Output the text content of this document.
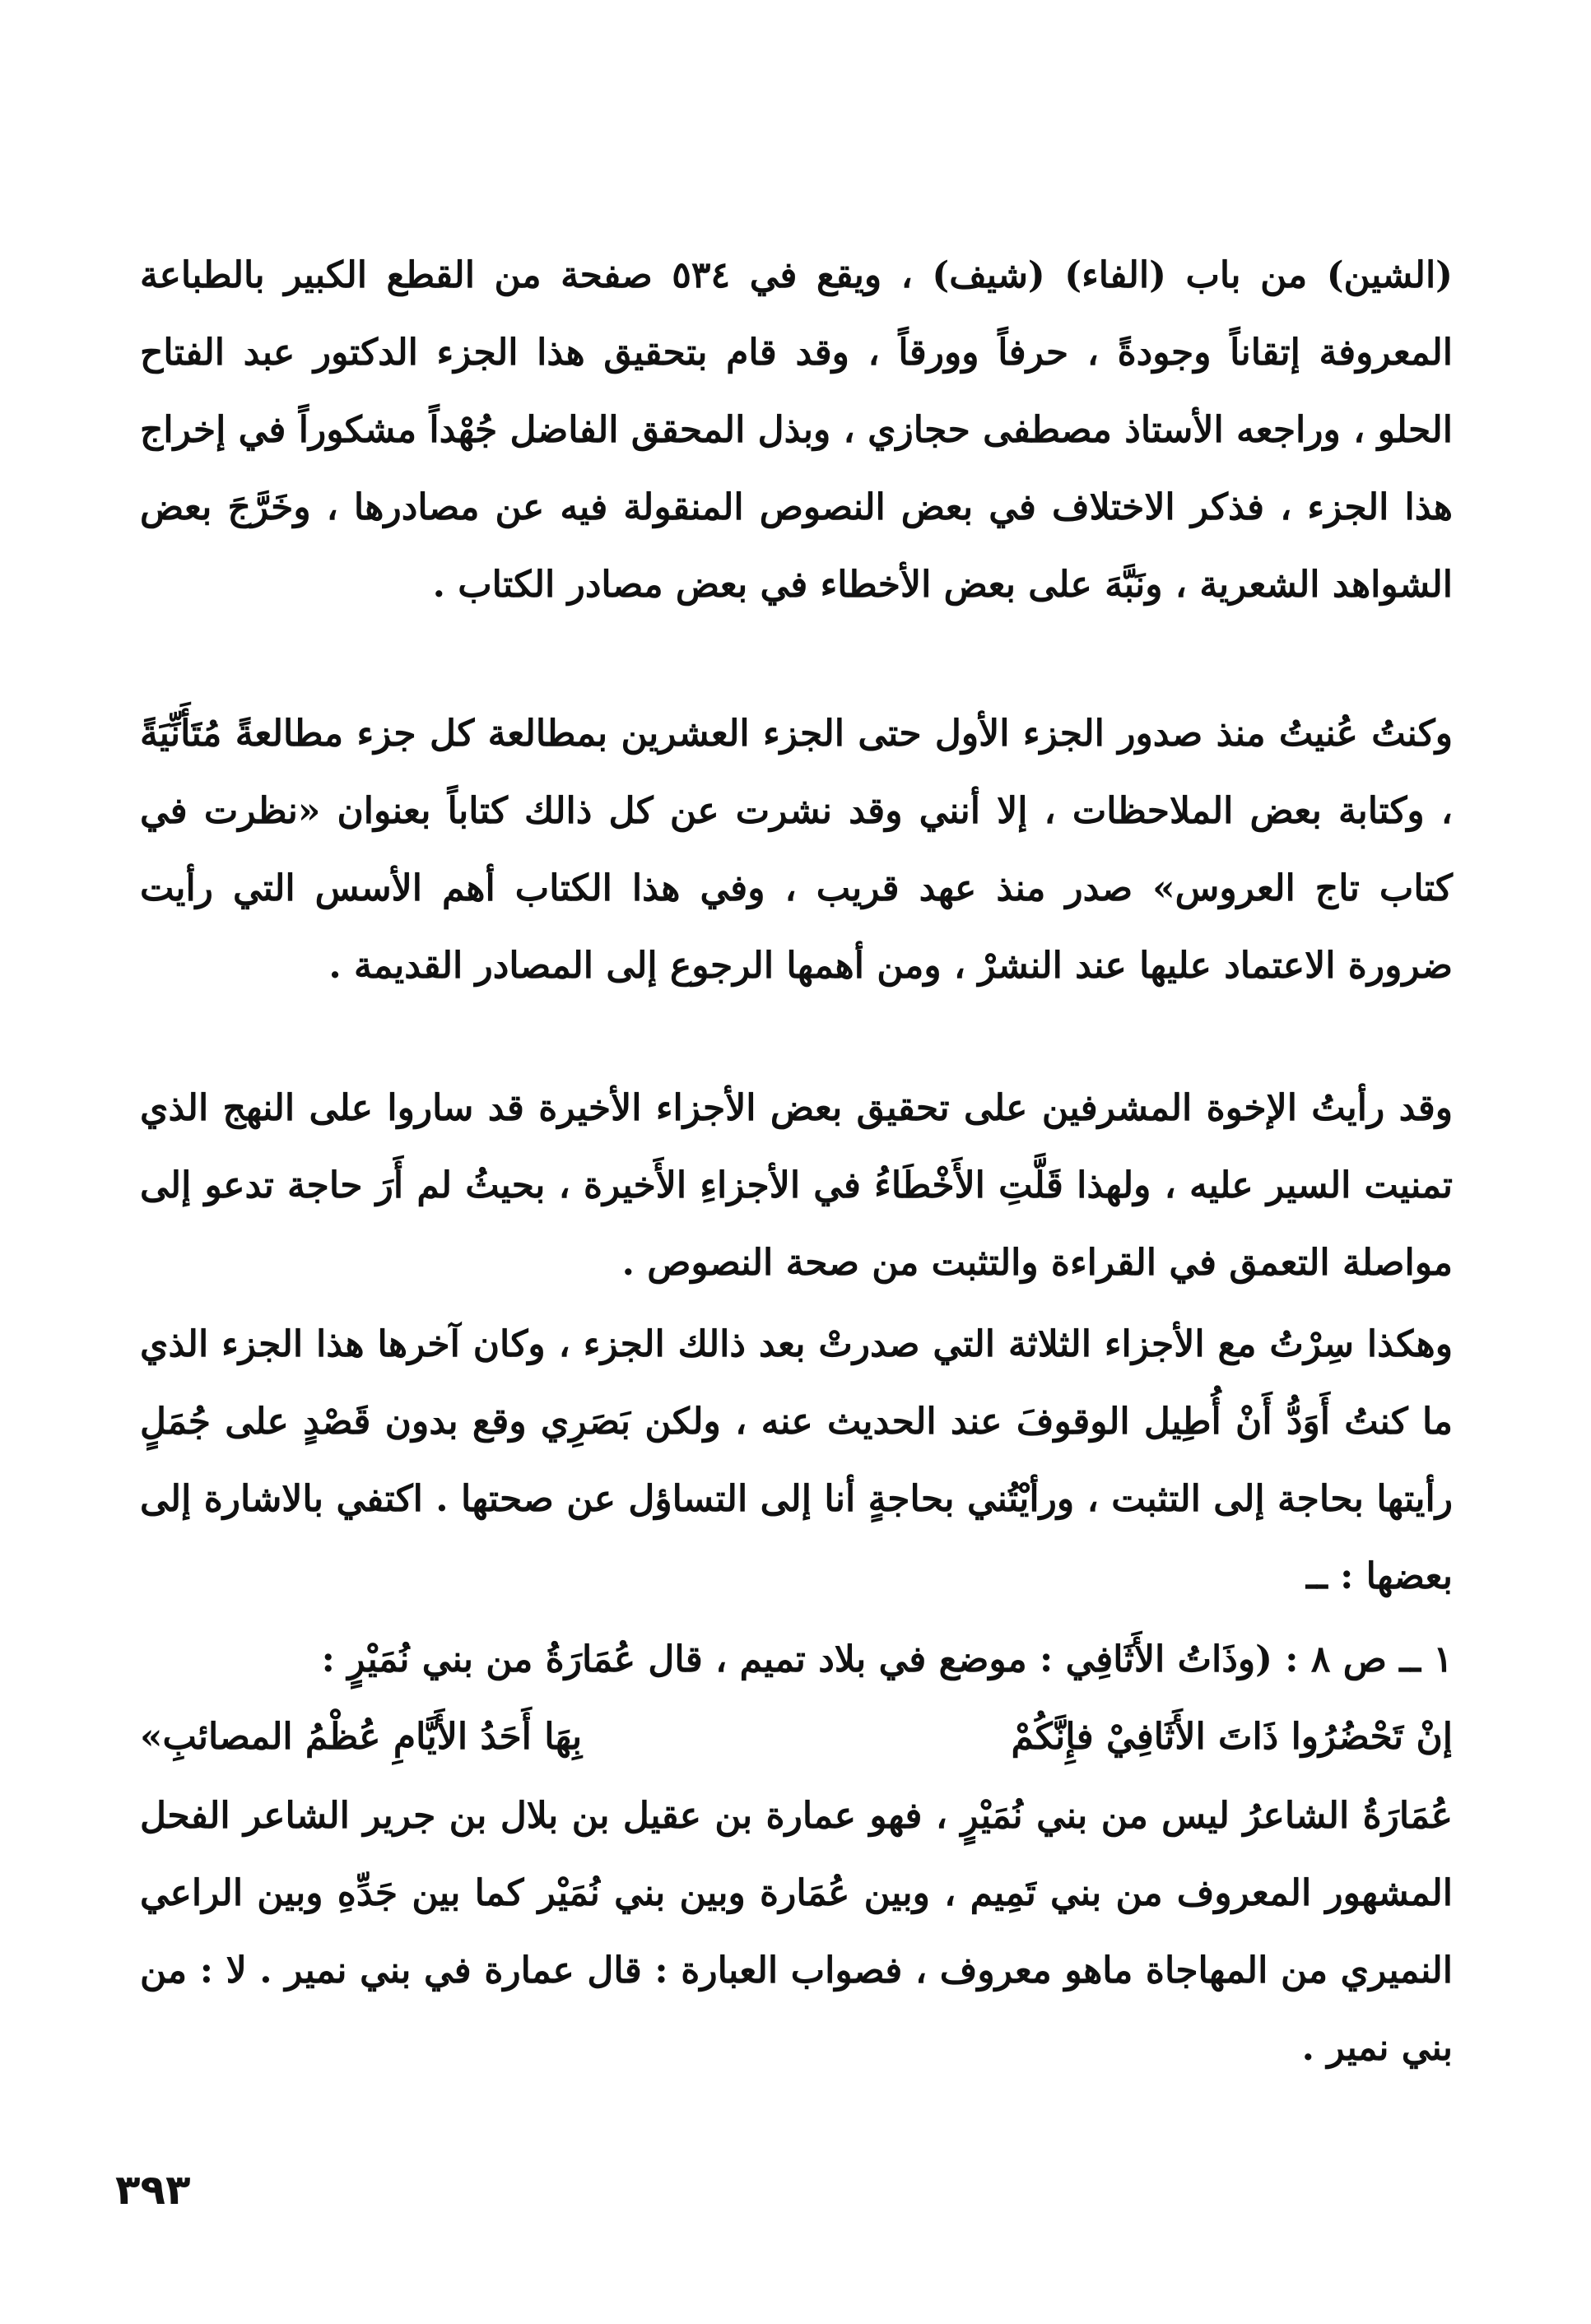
(الشين) من باب (الفاء) (شيف) ، ويقع في ٥٣٤ صفحة من القطع الكبير بالطباعة المعروفة إتقاناً وجودةً ، حرفاً وورقاً ، وقد قام بتحقيق هذا الجزء الدكتور عبد الفتاح الحلو ، وراجعه الأستاذ مصطفى حجازي ، وبذل المحقق الفاضل جُهْداً مشكوراً في إخراج هذا الجزء ، فذكر الاختلاف في بعض النصوص المنقولة فيه عن مصادرها ، وخَرَّجَ بعض الشواهد الشعرية ، ونَبَّهَ على بعض الأخطاء في بعض مصادر الكتاب .

وكنتُ عُنيتُ منذ صدور الجزء الأول حتى الجزء العشرين بمطالعة كل جزء مطالعةً مُتَأَنِّيَةً ، وكتابة بعض الملاحظات ، إلا أنني وقد نشرت عن كل ذالك كتاباً بعنوان «نظرت في كتاب تاج العروس» صدر منذ عهد قريب ، وفي هذا الكتاب أهم الأسس التي رأيت ضرورة الاعتماد عليها عند النشرْ ، ومن أهمها الرجوع إلى المصادر القديمة .

وقد رأيتُ الإخوة المشرفين على تحقيق بعض الأجزاء الأخيرة قد ساروا على النهج الذي تمنيت السير عليه ، ولهذا قَلَّتِ الأَخْطَاءُ في الأجزاءِ الأَخيرة ، بحيثُ لم أَرَ حاجة تدعو إلى مواصلة التعمق في القراءة والتثبت من صحة النصوص .

وهكذا سِرْتُ مع الأجزاء الثلاثة التي صدرتْ بعد ذالك الجزء ، وكان آخرها هذا الجزء الذي ما كنتُ أَوَدُّ أَنْ أُطِيل الوقوفَ عند الحديث عنه ، ولكن بَصَرِي وقع بدون قَصْدٍ على جُمَلٍ رأيتها بحاجة إلى التثبت ، ورأيْتُني بحاجةٍ أنا إلى التساؤل عن صحتها . اكتفي بالاشارة إلى بعضها : ــ

١ ــ ص ٨ : (وذَاتُ الأَثَافِي : موضع في بلاد تميم ، قال عُمَارَةُ من بني نُمَيْرٍ :

إنْ تَحْضُرُوا ذَاتَ الأَثَافِيْ فإِنَّكُمْ
بِهَا أَحَدُ الأَيَّامِ عُظْمُ المصائبِ»

عُمَارَةُ الشاعرُ ليس من بني نُمَيْرٍ ، فهو عمارة بن عقيل بن بلال بن جرير الشاعر الفحل المشهور المعروف من بني تَمِيم ، وبين عُمَارة وبين بني نُمَيْر كما بين جَدِّهِ وبين الراعي النميري من المهاجاة ماهو معروف ، فصواب العبارة : قال عمارة في بني نمير . لا : من بني نمير .

٣٩٣
